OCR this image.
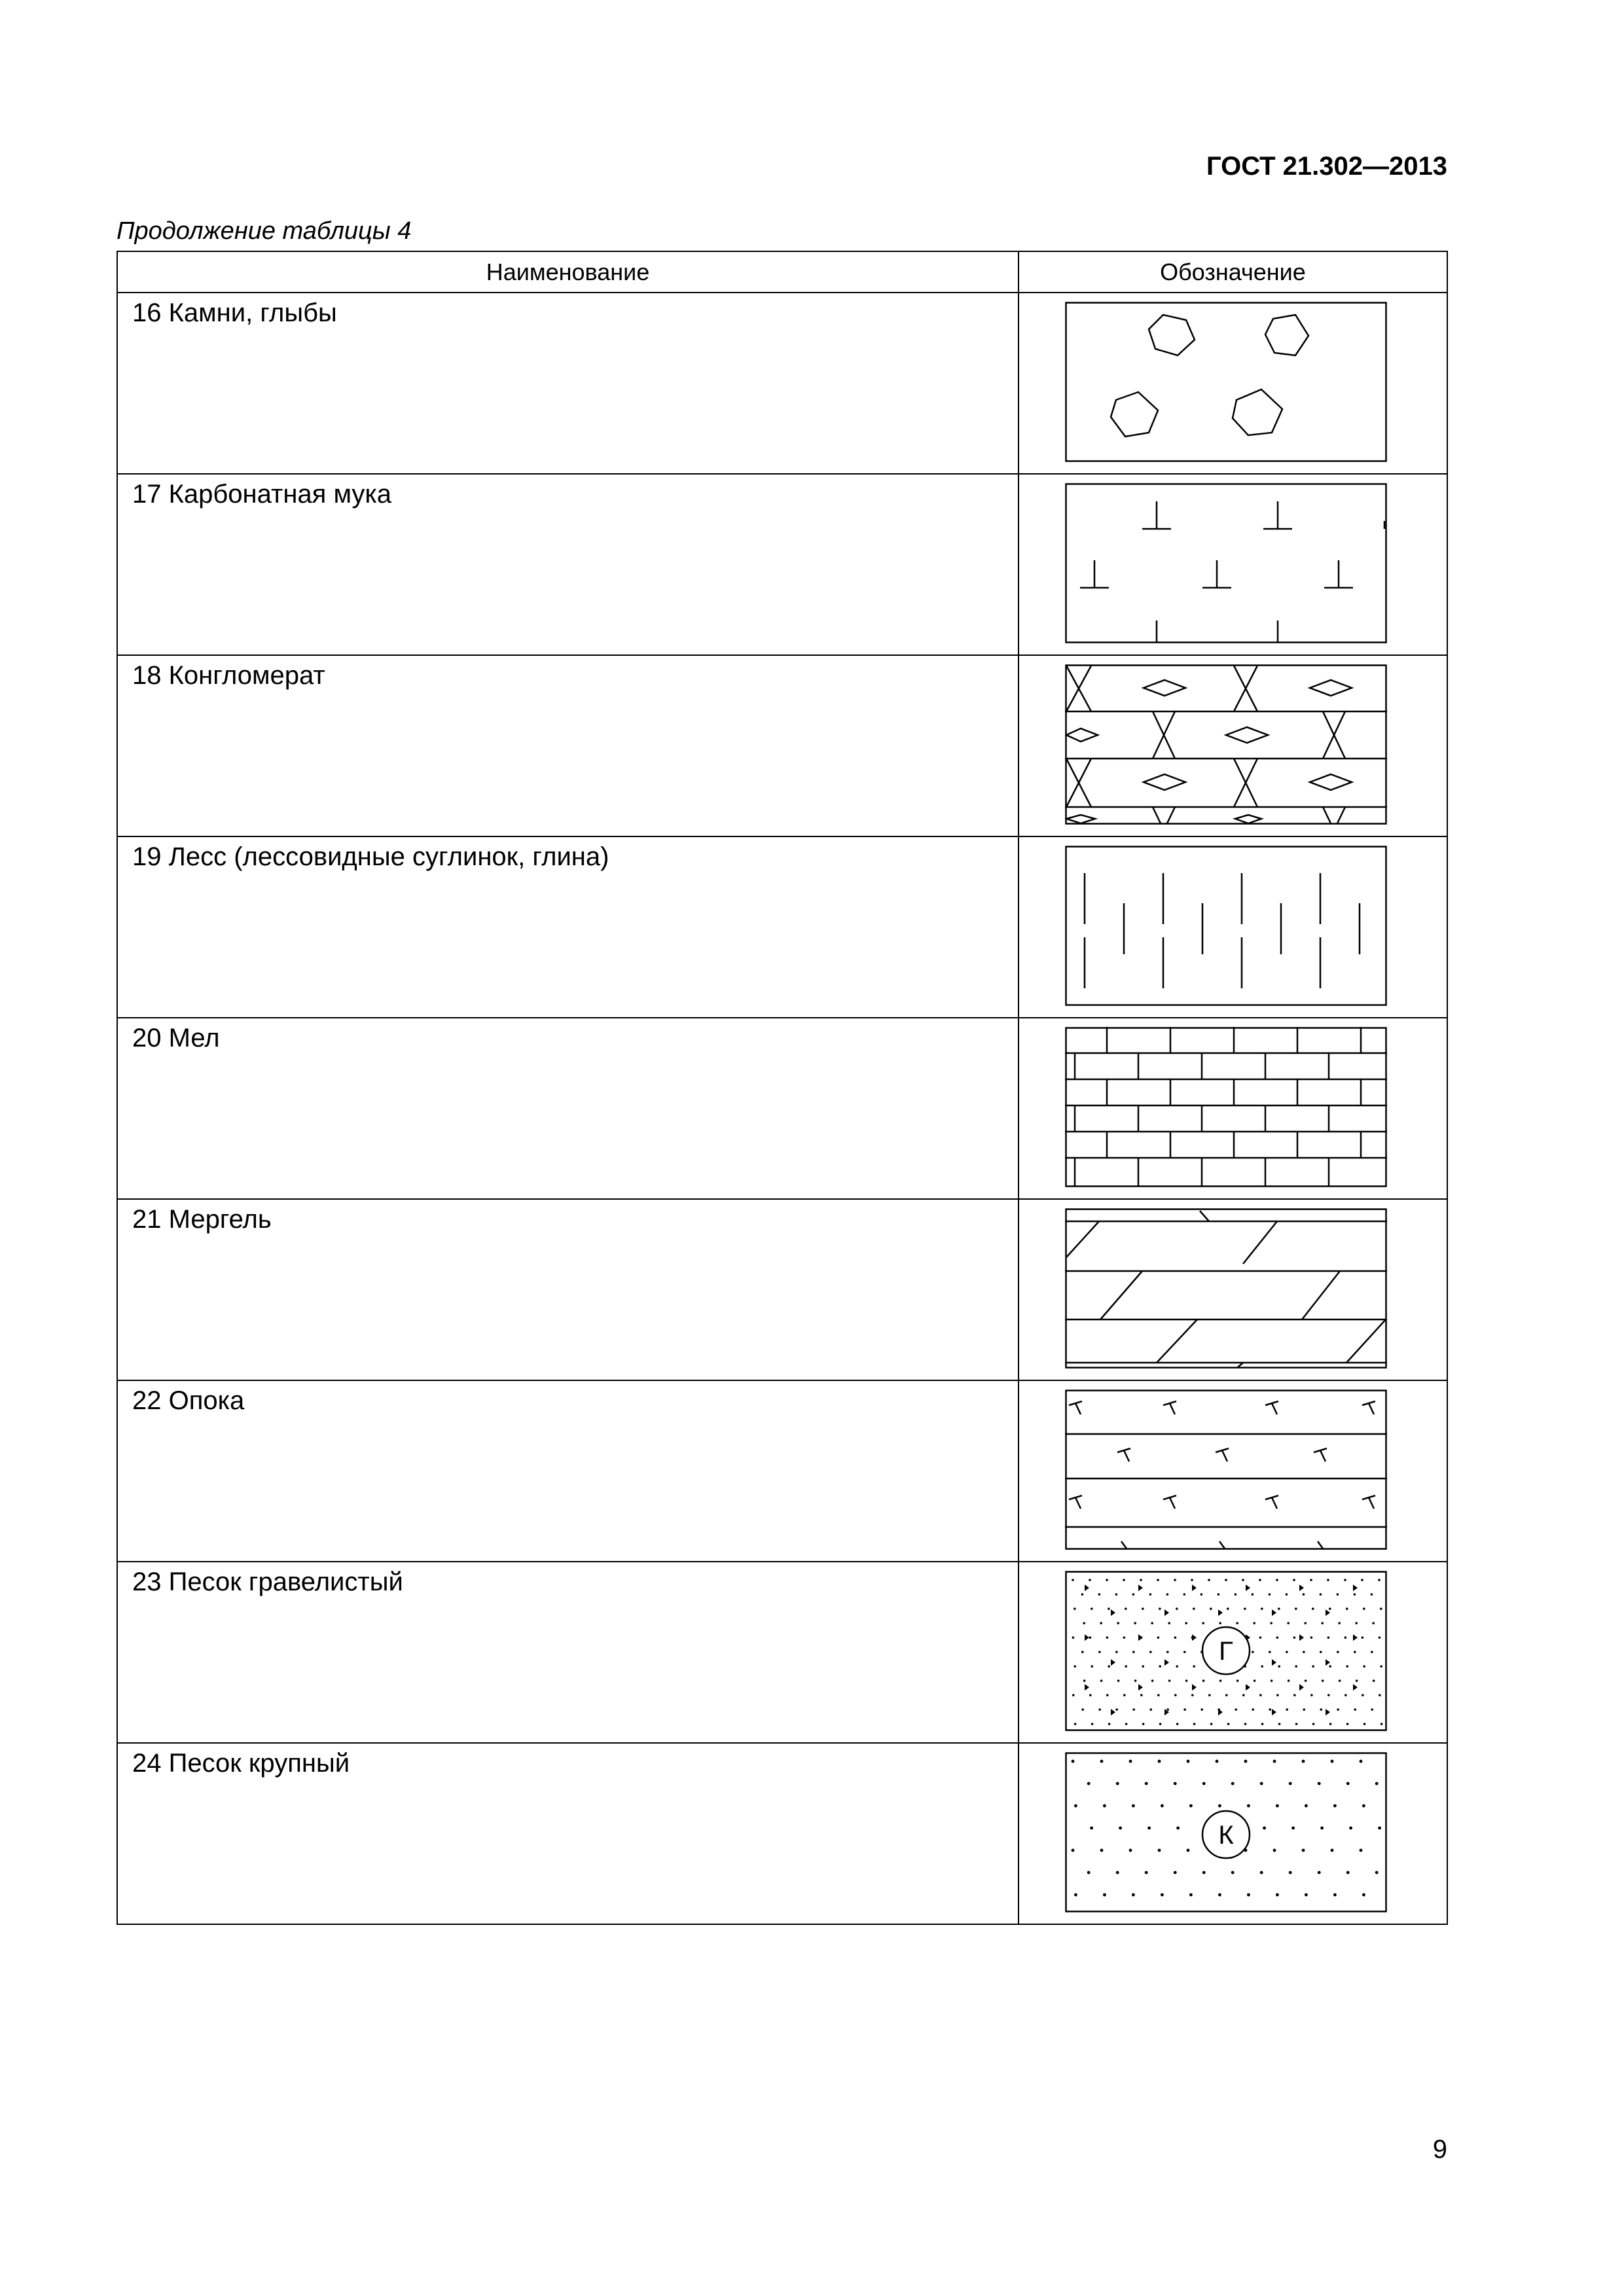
ГОСТ 21.302—2013
Продолжение таблицы 4
Наименование	Обозначение
16 Камни, глыбы	

17 Карбонатная мука	

18 Конгломерат	

19 Лесс (лессовидные суглинок, глина)	

20 Мел	

21 Мергель	

22 Опока	

23 Песок гравелистый	Г

24 Песок крупный	К
9
